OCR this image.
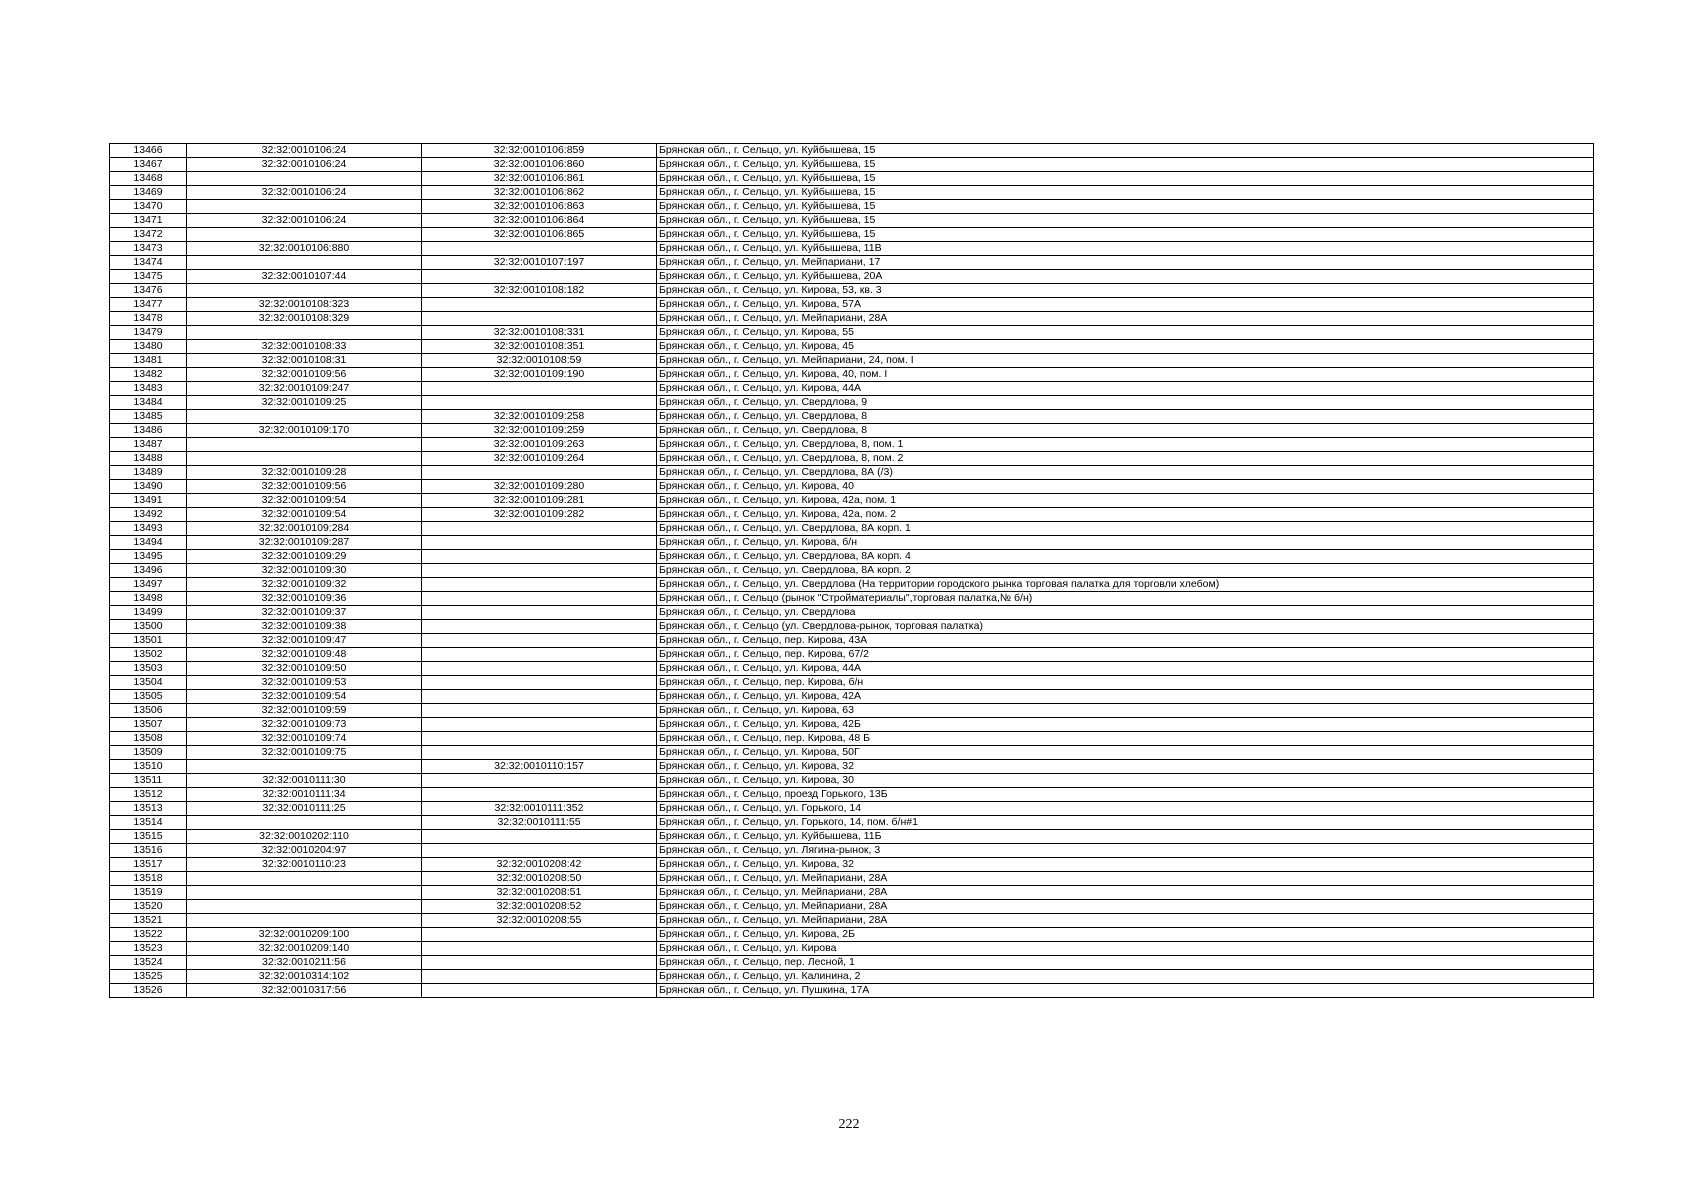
13466	32:32:0010106:24	32:32:0010106:859	Брянская обл., г. Сельцо, ул. Куйбышева, 15
13467	32:32:0010106:24	32:32:0010106:860	Брянская обл., г. Сельцо, ул. Куйбышева, 15
13468		32:32:0010106:861	Брянская обл., г. Сельцо, ул. Куйбышева, 15
13469	32:32:0010106:24	32:32:0010106:862	Брянская обл., г. Сельцо, ул. Куйбышева, 15
13470		32:32:0010106:863	Брянская обл., г. Сельцо, ул. Куйбышева, 15
13471	32:32:0010106:24	32:32:0010106:864	Брянская обл., г. Сельцо, ул. Куйбышева, 15
13472		32:32:0010106:865	Брянская обл., г. Сельцо, ул. Куйбышева, 15
13473	32:32:0010106:880		Брянская обл., г. Сельцо, ул. Куйбышева, 11В
13474		32:32:0010107:197	Брянская обл., г. Сельцо, ул. Мейпариани, 17
13475	32:32:0010107:44		Брянская обл., г. Сельцо, ул. Куйбышева, 20А
13476		32:32:0010108:182	Брянская обл., г. Сельцо, ул. Кирова, 53, кв. 3
13477	32:32:0010108:323		Брянская обл., г. Сельцо, ул. Кирова, 57А
13478	32:32:0010108:329		Брянская обл., г. Сельцо, ул. Мейпариани, 28А
13479		32:32:0010108:331	Брянская обл., г. Сельцо, ул. Кирова, 55
13480	32:32:0010108:33	32:32:0010108:351	Брянская обл., г. Сельцо, ул. Кирова, 45
13481	32:32:0010108:31	32:32:0010108:59	Брянская обл., г. Сельцо, ул. Мейпариани, 24, пом. I
13482	32:32:0010109:56	32:32:0010109:190	Брянская обл., г. Сельцо, ул. Кирова, 40, пом. I
13483	32:32:0010109:247		Брянская обл., г. Сельцо, ул. Кирова, 44А
13484	32:32:0010109:25		Брянская обл., г. Сельцо, ул. Свердлова, 9
13485		32:32:0010109:258	Брянская обл., г. Сельцо, ул. Свердлова, 8
13486	32:32:0010109:170	32:32:0010109:259	Брянская обл., г. Сельцо, ул. Свердлова, 8
13487		32:32:0010109:263	Брянская обл., г. Сельцо, ул. Свердлова, 8, пом. 1
13488		32:32:0010109:264	Брянская обл., г. Сельцо, ул. Свердлова, 8, пом. 2
13489	32:32:0010109:28		Брянская обл., г. Сельцо, ул. Свердлова, 8А (/3)
13490	32:32:0010109:56	32:32:0010109:280	Брянская обл., г. Сельцо, ул. Кирова, 40
13491	32:32:0010109:54	32:32:0010109:281	Брянская обл., г. Сельцо, ул. Кирова, 42а, пом. 1
13492	32:32:0010109:54	32:32:0010109:282	Брянская обл., г. Сельцо, ул. Кирова, 42а, пом. 2
13493	32:32:0010109:284		Брянская обл., г. Сельцо, ул. Свердлова, 8А корп. 1
13494	32:32:0010109:287		Брянская обл., г. Сельцо, ул. Кирова, б/н
13495	32:32:0010109:29		Брянская обл., г. Сельцо, ул. Свердлова, 8А корп. 4
13496	32:32:0010109:30		Брянская обл., г. Сельцо, ул. Свердлова, 8А корп. 2
13497	32:32:0010109:32		Брянская обл., г. Сельцо, ул. Свердлова (На территории городского рынка торговая палатка для торговли хлебом)
13498	32:32:0010109:36		Брянская обл., г. Сельцо (рынок "Стройматериалы",торговая палатка,№ б/н)
13499	32:32:0010109:37		Брянская обл., г. Сельцо, ул. Свердлова
13500	32:32:0010109:38		Брянская обл., г. Сельцо (ул. Свердлова-рынок, торговая палатка)
13501	32:32:0010109:47		Брянская обл., г. Сельцо, пер. Кирова, 43А
13502	32:32:0010109:48		Брянская обл., г. Сельцо, пер. Кирова, 67/2
13503	32:32:0010109:50		Брянская обл., г. Сельцо, ул. Кирова, 44А
13504	32:32:0010109:53		Брянская обл., г. Сельцо, пер. Кирова, б/н
13505	32:32:0010109:54		Брянская обл., г. Сельцо, ул. Кирова, 42А
13506	32:32:0010109:59		Брянская обл., г. Сельцо, ул. Кирова, 63
13507	32:32:0010109:73		Брянская обл., г. Сельцо, ул. Кирова, 42Б
13508	32:32:0010109:74		Брянская обл., г. Сельцо, пер. Кирова, 48 Б
13509	32:32:0010109:75		Брянская обл., г. Сельцо, ул. Кирова, 50Г
13510		32:32:0010110:157	Брянская обл., г. Сельцо, ул. Кирова, 32
13511	32:32:0010111:30		Брянская обл., г. Сельцо, ул. Кирова, 30
13512	32:32:0010111:34		Брянская обл., г. Сельцо, проезд Горького, 13Б
13513	32:32:0010111:25	32:32:0010111:352	Брянская обл., г. Сельцо, ул. Горького, 14
13514		32:32:0010111:55	Брянская обл., г. Сельцо, ул. Горького, 14, пом. б/н#1
13515	32:32:0010202:110		Брянская обл., г. Сельцо, ул. Куйбышева, 11Б
13516	32:32:0010204:97		Брянская обл., г. Сельцо, ул. Лягина-рынок, 3
13517	32:32:0010110:23	32:32:0010208:42	Брянская обл., г. Сельцо, ул. Кирова, 32
13518		32:32:0010208:50	Брянская обл., г. Сельцо, ул. Мейпариани, 28А
13519		32:32:0010208:51	Брянская обл., г. Сельцо, ул. Мейпариани, 28А
13520		32:32:0010208:52	Брянская обл., г. Сельцо, ул. Мейпариани, 28А
13521		32:32:0010208:55	Брянская обл., г. Сельцо, ул. Мейпариани, 28А
13522	32:32:0010209:100		Брянская обл., г. Сельцо, ул. Кирова, 2Б
13523	32:32:0010209:140		Брянская обл., г. Сельцо, ул. Кирова
13524	32:32:0010211:56		Брянская обл., г. Сельцо, пер. Лесной, 1
13525	32:32:0010314:102		Брянская обл., г. Сельцо, ул. Калинина, 2
13526	32:32:0010317:56		Брянская обл., г. Сельцо, ул. Пушкина, 17А
222
